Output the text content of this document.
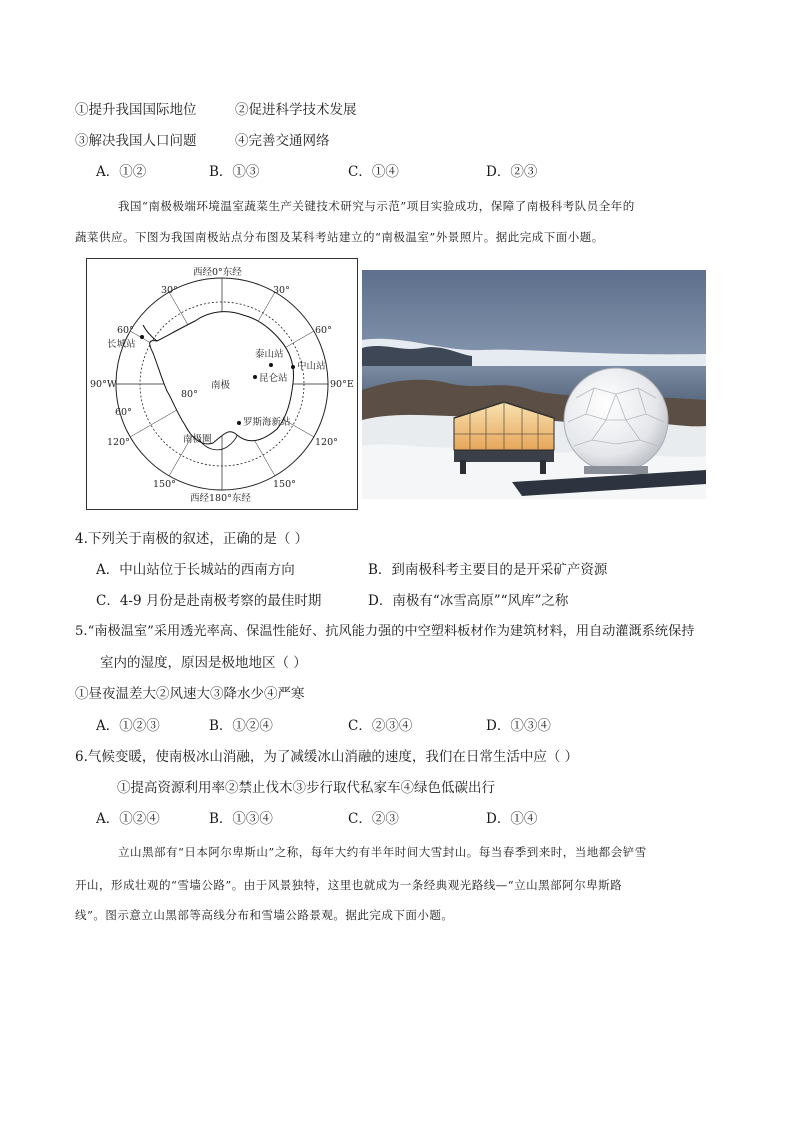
①提升我国国际地位	②促进科学技术发展
③解决我国人口问题	④完善交通网络
A．①②	B．①③	C．①④	D．②③
我国“南极极端环境温室蔬菜生产关键技术研究与示范”项目实验成功，保障了南极科考队员全年的
蔬菜供应。下图为我国南极站点分布图及某科考站建立的“南极温室”外景照片。据此完成下面小题。
西经0°东经
西经180°东经
90°W	90°E
30°	30°
60°	60°
60°
120°	120°
150°	150°
80°
南极
南极圈
长城站
泰山站
中山站
昆仑站
罗斯海新站
4.下列关于南极的叙述，正确的是（ ）
A．中山站位于长城站的西南方向	B．到南极科考主要目的是开采矿产资源
C．4-9 月份是赴南极考察的最佳时期	D．南极有“冰雪高原”“风库”之称
5.“南极温室”采用透光率高、保温性能好、抗风能力强的中空塑料板材作为建筑材料，用自动灌溉系统保持
室内的湿度，原因是极地地区（ ）
①昼夜温差大②风速大③降水少④严寒
A．①②③	B．①②④	C．②③④	D．①③④
6.气候变暖，使南极冰山消融，为了减缓冰山消融的速度，我们在日常生活中应（ ）
①提高资源利用率②禁止伐木③步行取代私家车④绿色低碳出行
A．①②④	B．①③④	C．②③	D．①④
立山黑部有“日本阿尔卑斯山”之称，每年大约有半年时间大雪封山。每当春季到来时，当地都会铲雪
开山，形成壮观的“雪墙公路”。由于风景独特，这里也就成为一条经典观光路线—“立山黑部阿尔卑斯路
线”。图示意立山黑部等高线分布和雪墙公路景观。据此完成下面小题。
